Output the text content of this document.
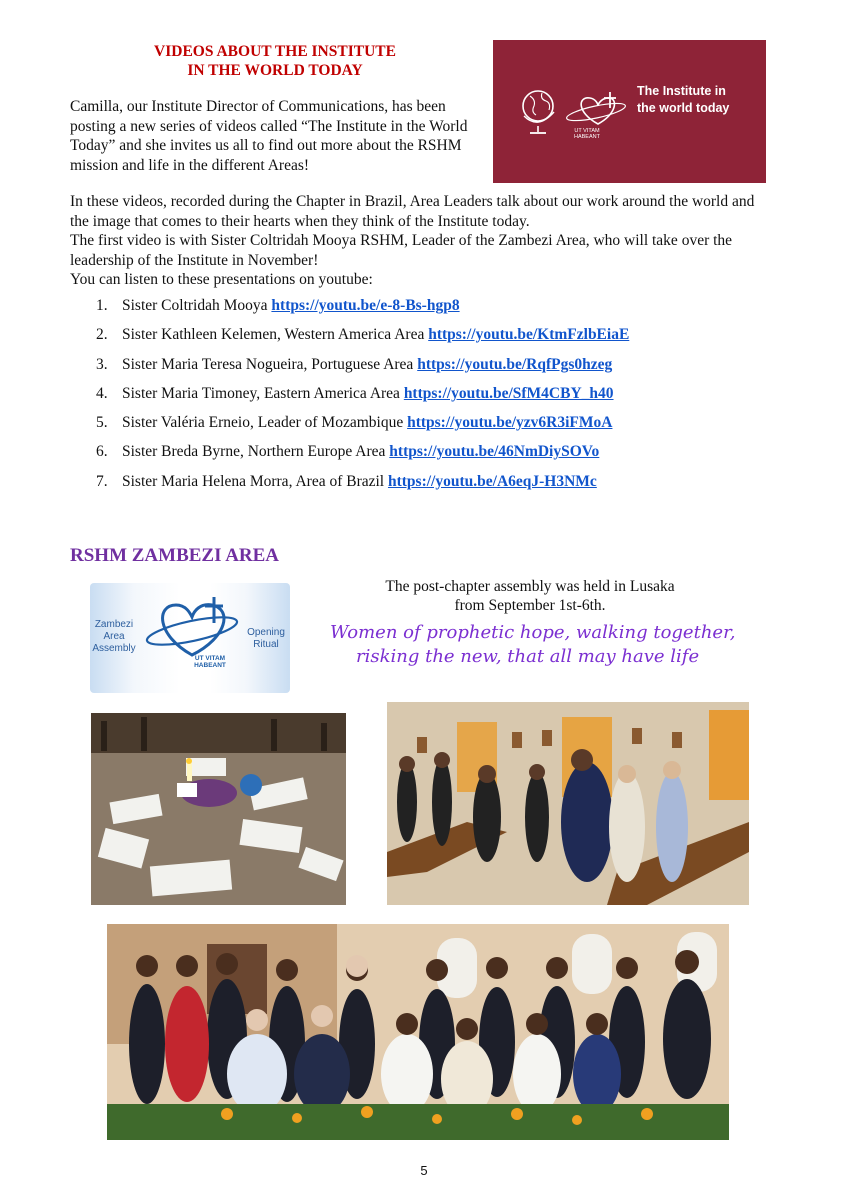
VIDEOS ABOUT THE INSTITUTE
IN THE WORLD TODAY
Camilla, our Institute Director of Communications, has been posting a new series of videos called “The Institute in the World Today” and she invites us all to find out more about the RSHM mission and life in the different Areas!
UT VITAM
HABEANT
The Institute in
the world today
In these videos, recorded during the Chapter in Brazil, Area Leaders talk about our work around the world and the image that comes to their hearts when they think of the Institute today.
The first video is with Sister Coltridah Mooya RSHM, Leader of the Zambezi Area, who will take over the leadership of the Institute in November!
You can listen to these presentations on youtube:
1. Sister Coltridah Mooya https://youtu.be/e-8-Bs-hgp8
2. Sister Kathleen Kelemen, Western America Area https://youtu.be/KtmFzlbEiaE
3. Sister Maria Teresa Nogueira, Portuguese Area https://youtu.be/RqfPgs0hzeg
4. Sister Maria Timoney, Eastern America Area https://youtu.be/SfM4CBY_h40
5. Sister Valéria Erneio, Leader of Mozambique https://youtu.be/yzv6R3iFMoA
6. Sister Breda Byrne, Northern Europe Area https://youtu.be/46NmDiySOVo
7. Sister Maria Helena Morra, Area of Brazil https://youtu.be/A6eqJ-H3NMc
RSHM ZAMBEZI AREA
Zambezi
Area
Assembly
UT VITAM
HABEANT
Opening
Ritual
The post-chapter assembly was held in Lusaka
from September 1st-6th.
Women of prophetic hope, walking together,
risking the new, that all may have life
5
